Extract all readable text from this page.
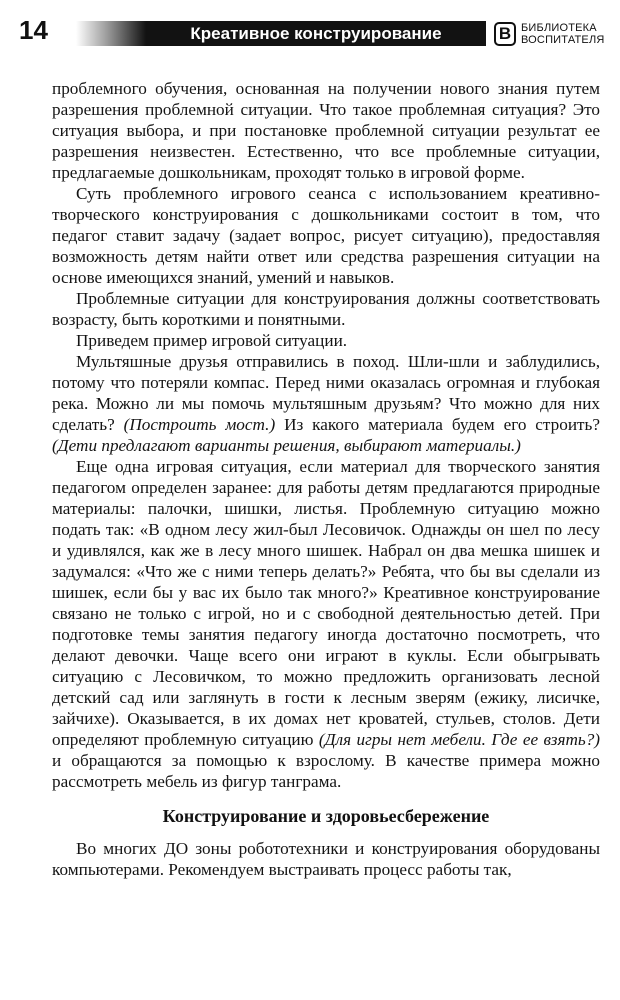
14	Креативное конструирование	В БИБЛИОТЕКА
ВОСПИТАТЕЛЯ

проблемного обучения, основанная на получении нового знания путем разрешения проблемной ситуации. Что такое проблемная ситуация? Это ситуация выбора, и при постановке проблемной ситуации результат ее разрешения неизвестен. Естественно, что все проблемные ситуации, предлагаемые дошкольникам, проходят только в игровой форме.

Суть проблемного игрового сеанса с использованием креативно-творческого конструирования с дошкольниками состоит в том, что педагог ставит задачу (задает вопрос, рисует ситуацию), предоставляя возможность детям найти ответ или средства разрешения ситуации на основе имеющихся знаний, умений и навыков.

Проблемные ситуации для конструирования должны соответствовать возрасту, быть короткими и понятными.

Приведем пример игровой ситуации.

Мультяшные друзья отправились в поход. Шли-шли и заблудились, потому что потеряли компас. Перед ними оказалась огромная и глубокая река. Можно ли мы помочь мультяшным друзьям? Что можно для них сделать? (Построить мост.) Из какого материала будем его строить? (Дети предлагают варианты решения, выбирают материалы.)

Еще одна игровая ситуация, если материал для творческого занятия педагогом определен заранее: для работы детям предлагаются природные материалы: палочки, шишки, листья. Проблемную ситуацию можно подать так: «В одном лесу жил-был Лесовичок. Однажды он шел по лесу и удивлялся, как же в лесу много шишек. Набрал он два мешка шишек и задумался: «Что же с ними теперь делать?» Ребята, что бы вы сделали из шишек, если бы у вас их было так много?» Креативное конструирование связано не только с игрой, но и с свободной деятельностью детей. При подготовке темы занятия педагогу иногда достаточно посмотреть, что делают девочки. Чаще всего они играют в куклы. Если обыгрывать ситуацию с Лесовичком, то можно предложить организовать лесной детский сад или заглянуть в гости к лесным зверям (ежику, лисичке, зайчихе). Оказывается, в их домах нет кроватей, стульев, столов. Дети определяют проблемную ситуацию (Для игры нет мебели. Где ее взять?) и обращаются за помощью к взрослому. В качестве примера можно рассмотреть мебель из фигур танграма.

Конструирование и здоровьесбережение

Во многих ДО зоны робототехники и конструирования оборудованы компьютерами. Рекомендуем выстраивать процесс работы так,
